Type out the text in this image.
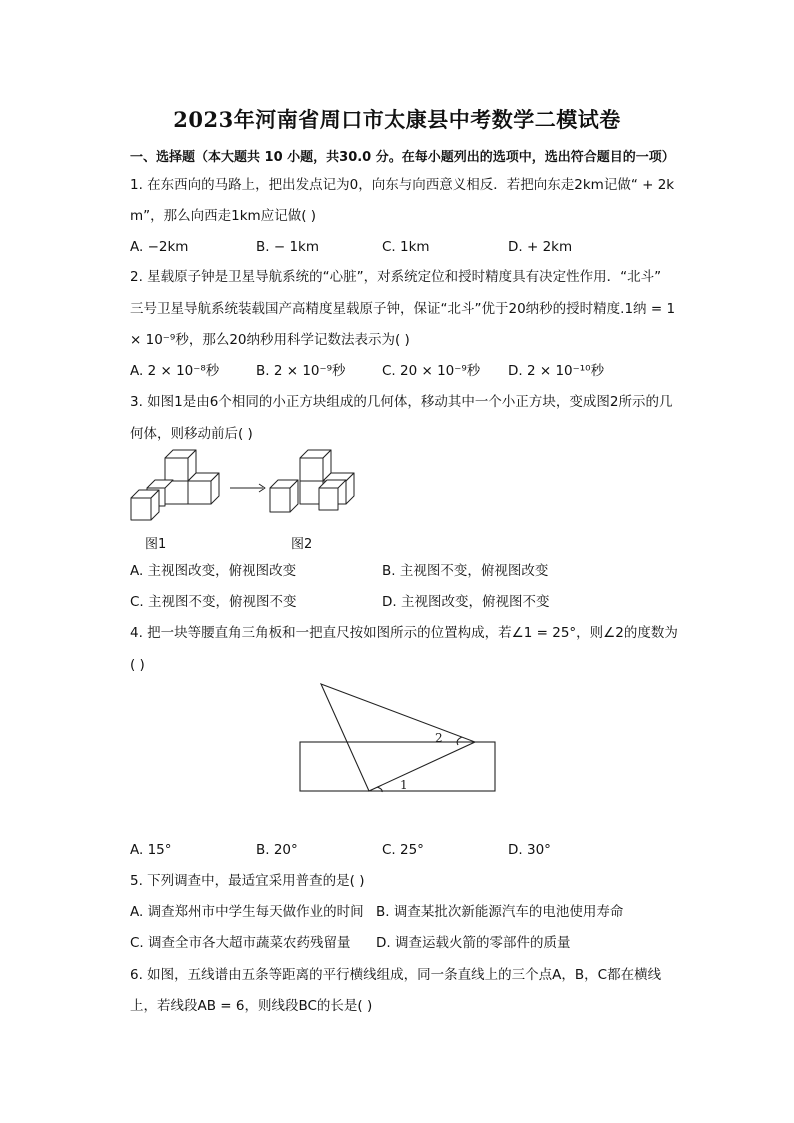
2023年河南省周口市太康县中考数学二模试卷
一、选择题（本大题共 10 小题，共30.0 分。在每小题列出的选项中，选出符合题目的一项）
1. 在东西向的马路上，把出发点记为0，向东与向西意义相反．若把向东走2km记做“ + 2k
m”，那么向西走1km应记做( )
A. −2km	B. − 1km	C. 1km	D. + 2km
2. 星载原子钟是卫星导航系统的“心脏”，对系统定位和授时精度具有决定性作用．“北斗”
三号卫星导航系统装载国产高精度星载原子钟，保证“北斗”优于20纳秒的授时精度.1纳 = 1
× 10⁻⁹秒，那么20纳秒用科学记数法表示为( )
A. 2 × 10⁻⁸秒	B. 2 × 10⁻⁹秒	C. 20 × 10⁻⁹秒 D. 2 × 10⁻¹⁰秒
3. 如图1是由6个相同的小正方块组成的几何体，移动其中一个小正方块，变成图2所示的几
何体，则移动前后( )
图1	图2
A. 主视图改变，俯视图改变	B. 主视图不变，俯视图改变
C. 主视图不变，俯视图不变	D. 主视图改变，俯视图不变
4. 把一块等腰直角三角板和一把直尺按如图所示的位置构成，若∠1 = 25°，则∠2的度数为
( )
2
1
A. 15°	B. 20°	C. 25°	D. 30°
5. 下列调查中，最适宜采用普查的是( )
A. 调查郑州市中学生每天做作业的时间 B. 调查某批次新能源汽车的电池使用寿命
C. 调查全市各大超市蔬菜农药残留量 D. 调查运载火箭的零部件的质量
6. 如图，五线谱由五条等距离的平行横线组成，同一条直线上的三个点A，B，C都在横线
上，若线段AB = 6，则线段BC的长是( )
